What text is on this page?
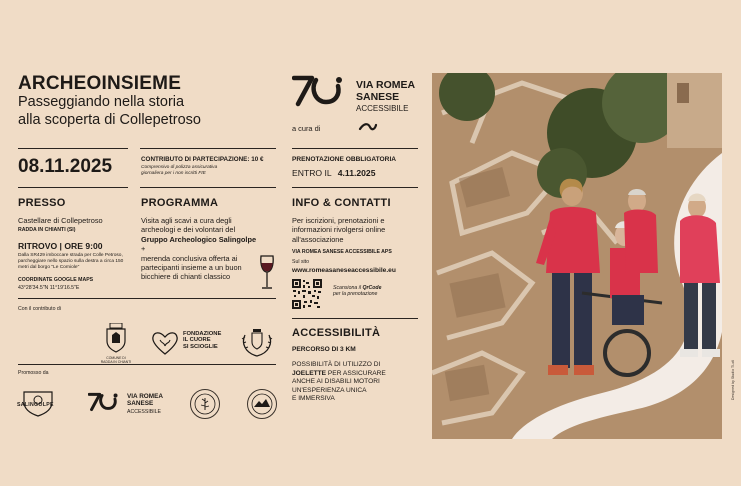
ARCHEOINSIEME
Passeggiando nella storia
alla scoperta di Collepetroso
VIA ROMEA
SANESE
ACCESSIBILE
a cura di
08.11.2025	CONTRIBUTO DI PARTECIPAZIONE: 10 €
Comprensivo di polizza assicurativa
giornaliera per i non iscritti FIE
PRENOTAZIONE OBBLIGATORIA
ENTRO IL 4.11.2025
PRESSO
Castellare di Collepetroso
RADDA IN CHIANTI (SI)
RITROVO | ORE 9:00
Dalla SR429 imboccare strada per Colle Petroso,
parcheggiare nello spazio sulla destra a circa 150
metri dal borgo "Le Corniole"
COORDINATE GOOGLE MAPS
43°28'34.5"N 11°19'16.5"E
PROGRAMMA
Visita agli scavi a cura degli
archeologi e dei volontari del
Gruppo Archeologico Salingolpe
+
merenda conclusiva offerta ai
partecipanti insieme a un buon
bicchiere di chianti classico
INFO & CONTATTI
Per iscrizioni, prenotazioni e
informazioni rivolgersi online
all'associazione
VIA ROMEA SANESE ACCESSIBILE APS
Sul sito
www.romeasaneseaccessibile.eu
Scansiona il QrCode
per la prenotazione
Con il contributo di
COMUNE DI RADDA IN CHIANTI
FONDAZIONE
IL CUORE
SI SCIOGLIE
Promosso da
SALINGOLPE
VIA ROMEA
SANESE
ACCESSIBILE
ACCESSIBILITÀ
PERCORSO DI 3 KM
POSSIBILITÀ DI UTILIZZO DI
JOELETTE PER ASSICURARE
ANCHE AI DISABILI MOTORI
UN'ESPERIENZA UNICA
E IMMERSIVA	Designed by Studio Tl-x6
